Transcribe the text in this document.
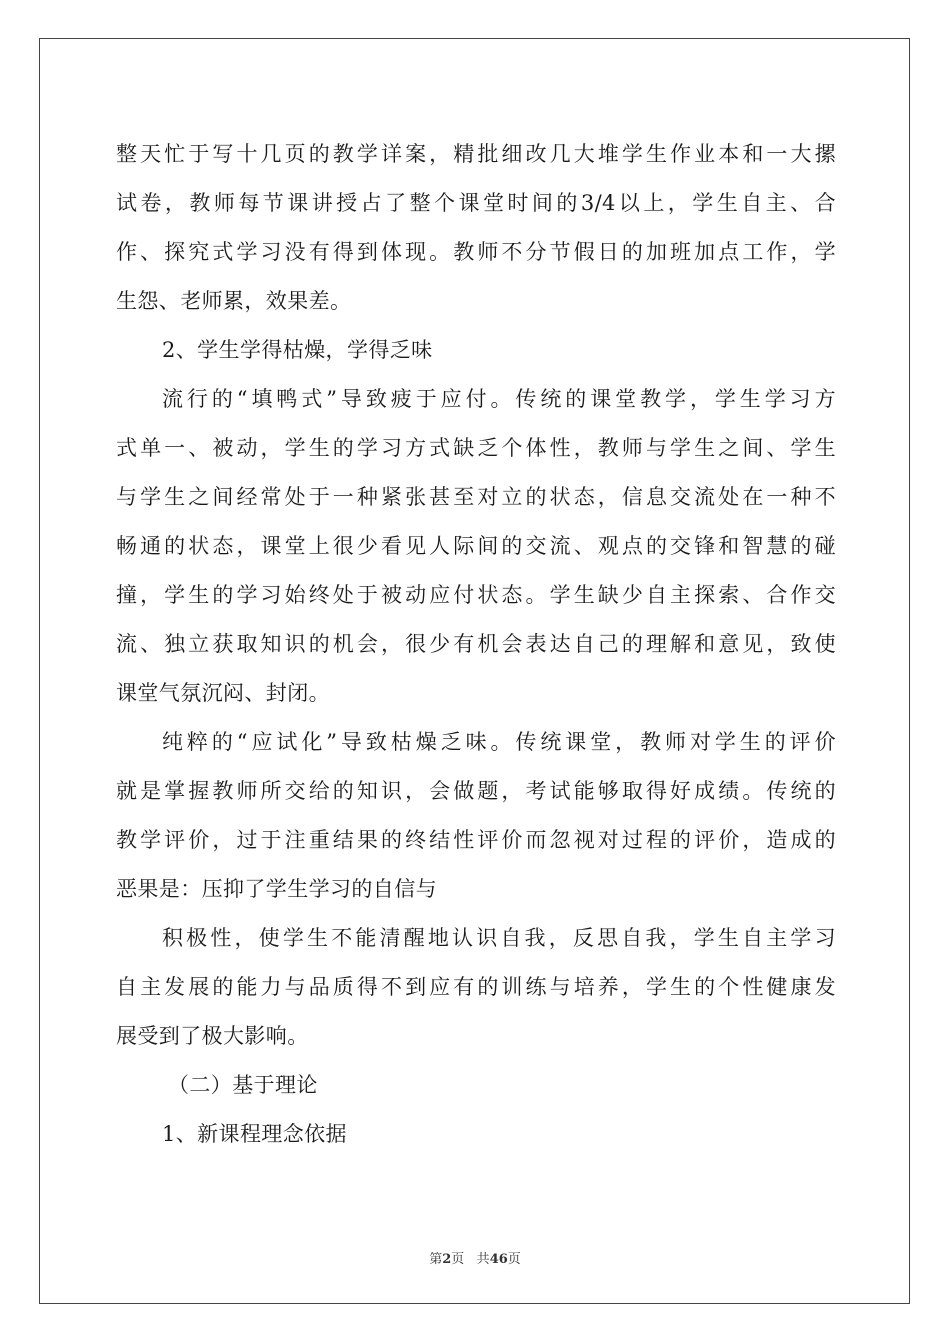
整天忙于写十几页的教学详案，精批细改几大堆学生作业本和一大摞
试卷，教师每节课讲授占了整个课堂时间的3/4以上，学生自主、合
作、探究式学习没有得到体现。教师不分节假日的加班加点工作，学
生怨、老师累，效果差。
2、学生学得枯燥，学得乏味
流行的“填鸭式”导致疲于应付。传统的课堂教学，学生学习方
式单一、被动，学生的学习方式缺乏个体性，教师与学生之间、学生
与学生之间经常处于一种紧张甚至对立的状态，信息交流处在一种不
畅通的状态，课堂上很少看见人际间的交流、观点的交锋和智慧的碰
撞，学生的学习始终处于被动应付状态。学生缺少自主探索、合作交
流、独立获取知识的机会，很少有机会表达自己的理解和意见，致使
课堂气氛沉闷、封闭。
纯粹的“应试化”导致枯燥乏味。传统课堂，教师对学生的评价
就是掌握教师所交给的知识，会做题，考试能够取得好成绩。传统的
教学评价，过于注重结果的终结性评价而忽视对过程的评价，造成的
恶果是：压抑了学生学习的自信与
积极性，使学生不能清醒地认识自我，反思自我，学生自主学习
自主发展的能力与品质得不到应有的训练与培养，学生的个性健康发
展受到了极大影响。
（二）基于理论
1、新课程理念依据
第2页 共46页
